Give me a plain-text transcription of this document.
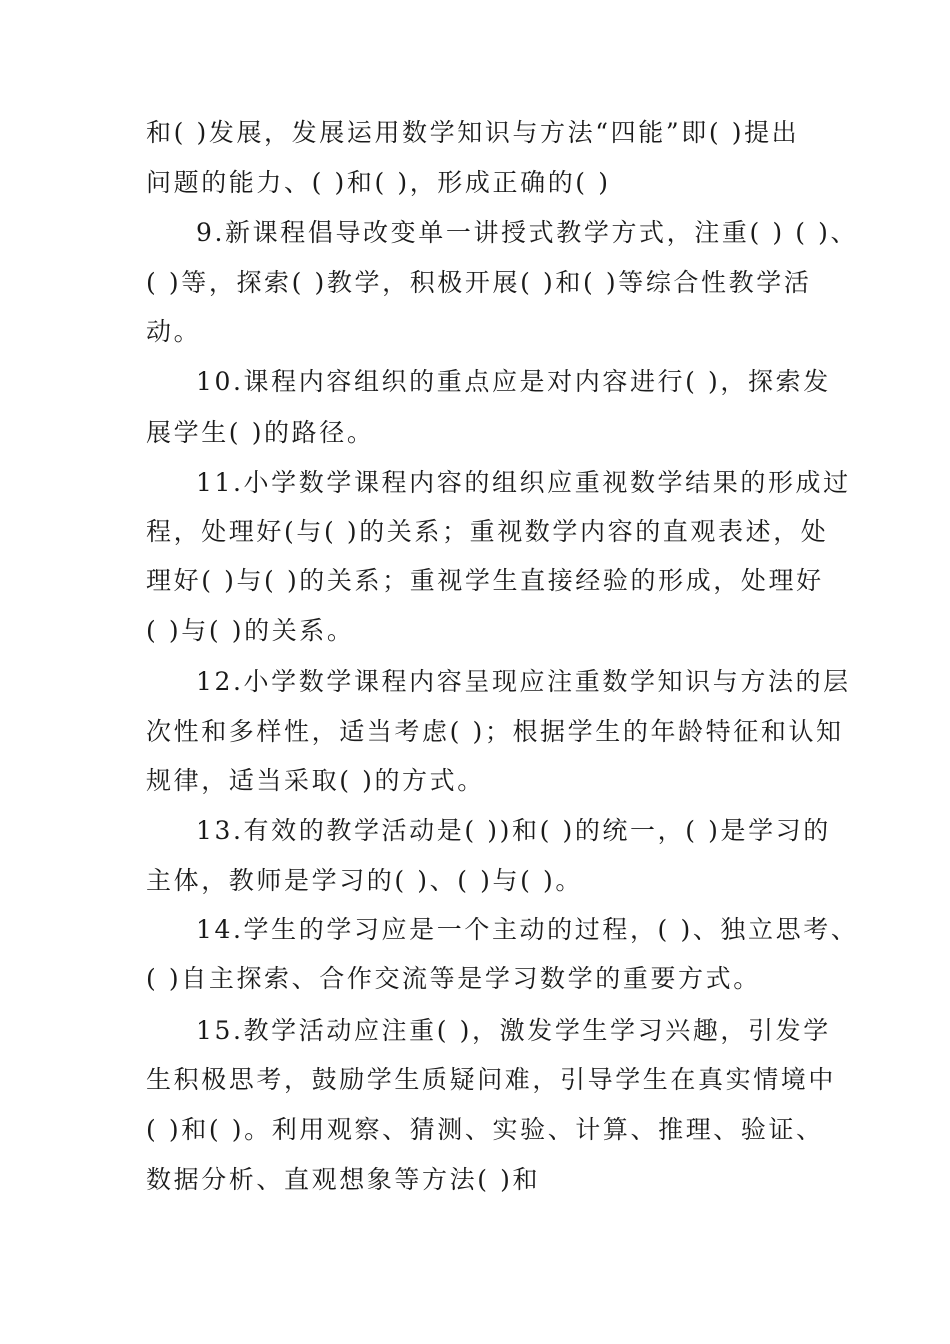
和( )发展，发展运用数学知识与方法“四能”即( )提出
问题的能力、( )和( )，形成正确的( )
9.新课程倡导改变单一讲授式教学方式，注重( ) ( )、
( )等，探索( )教学，积极开展( )和( )等综合性教学活
动。
10.课程内容组织的重点应是对内容进行( )，探索发
展学生( )的路径。
11.小学数学课程内容的组织应重视数学结果的形成过
程，处理好(与( )的关系；重视数学内容的直观表述，处
理好( )与( )的关系；重视学生直接经验的形成，处理好
( )与( )的关系。
12.小学数学课程内容呈现应注重数学知识与方法的层
次性和多样性，适当考虑( )；根据学生的年龄特征和认知
规律，适当采取( )的方式。
13.有效的教学活动是( ))和( )的统一，( )是学习的
主体，教师是学习的( )、( )与( )。
14.学生的学习应是一个主动的过程，( )、独立思考、
( )自主探索、合作交流等是学习数学的重要方式。
15.教学活动应注重( )，激发学生学习兴趣，引发学
生积极思考，鼓励学生质疑问难，引导学生在真实情境中
( )和( )。利用观察、猜测、实验、计算、推理、验证、
数据分析、直观想象等方法( )和
